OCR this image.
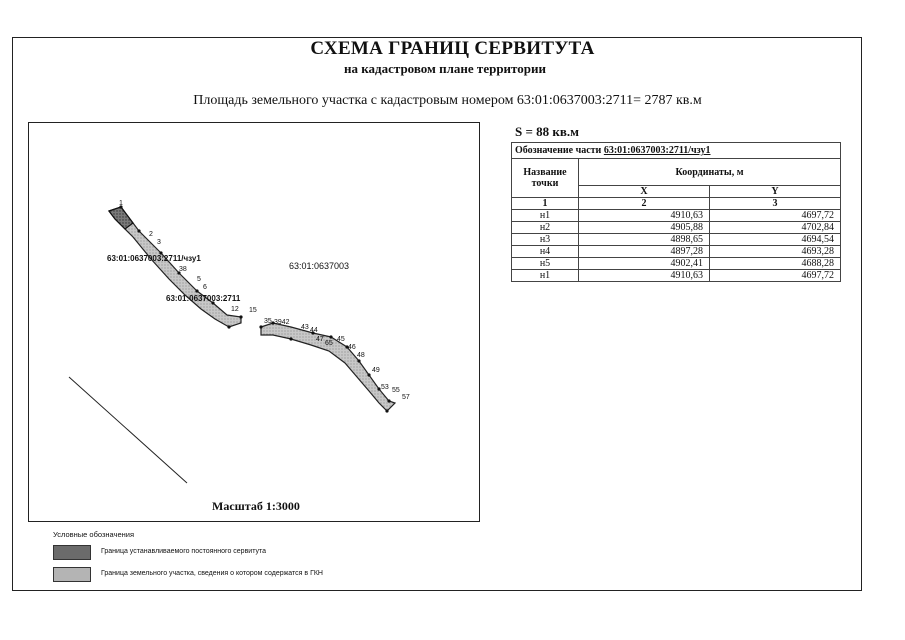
СХЕМА ГРАНИЦ СЕРВИТУТА
на кадастровом плане территории
Площадь земельного участка с кадастровым номером 63:01:0637003:2711= 2787 кв.м
1
2
3
38
5
6
12 15
35 3942
43 44
47
65
45
46
48
49
53 55
57
63:01:0637003:2711/чзу1
63:01:0637003:2711
63:01:0637003
Масштаб 1:3000
S = 88 кв.м
Обозначение части 63:01:0637003:2711/чзу1		
Название точки	Координаты, м	
	X	Y
1	2	3
н1	4910,63	4697,72
н2	4905,88	4702,84
н3	4898,65	4694,54
н4	4897,28	4693,28
н5	4902,41	4688,28
н1	4910,63	4697,72
Условные обозначения
Граница устанавливаемого постоянного сервитута
Граница земельного участка, сведения о котором содержатся в ГКН
